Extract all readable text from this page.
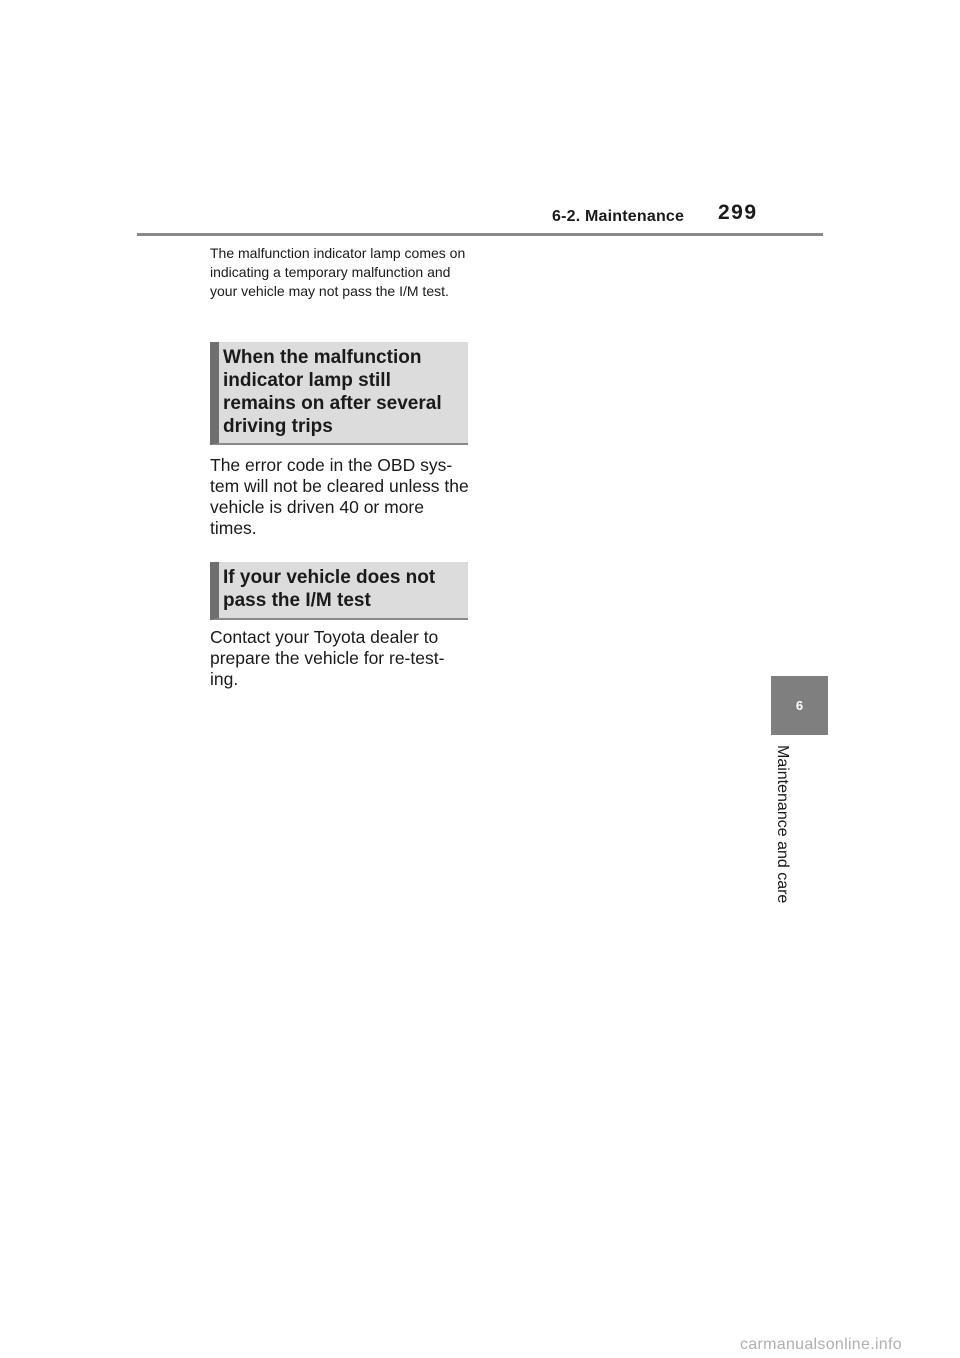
6-2. Maintenance 299
6
Maintenance and care

The malfunction indicator lamp comes on indicating a temporary malfunction and your vehicle may not pass the I/M test.

When the malfunction indicator lamp still remains on after several driving trips

The error code in the OBD sys-tem will not be cleared unless the vehicle is driven 40 or more times.

If your vehicle does not pass the I/M test

Contact your Toyota dealer to prepare the vehicle for re-test-ing.

carmanualsonline.info
